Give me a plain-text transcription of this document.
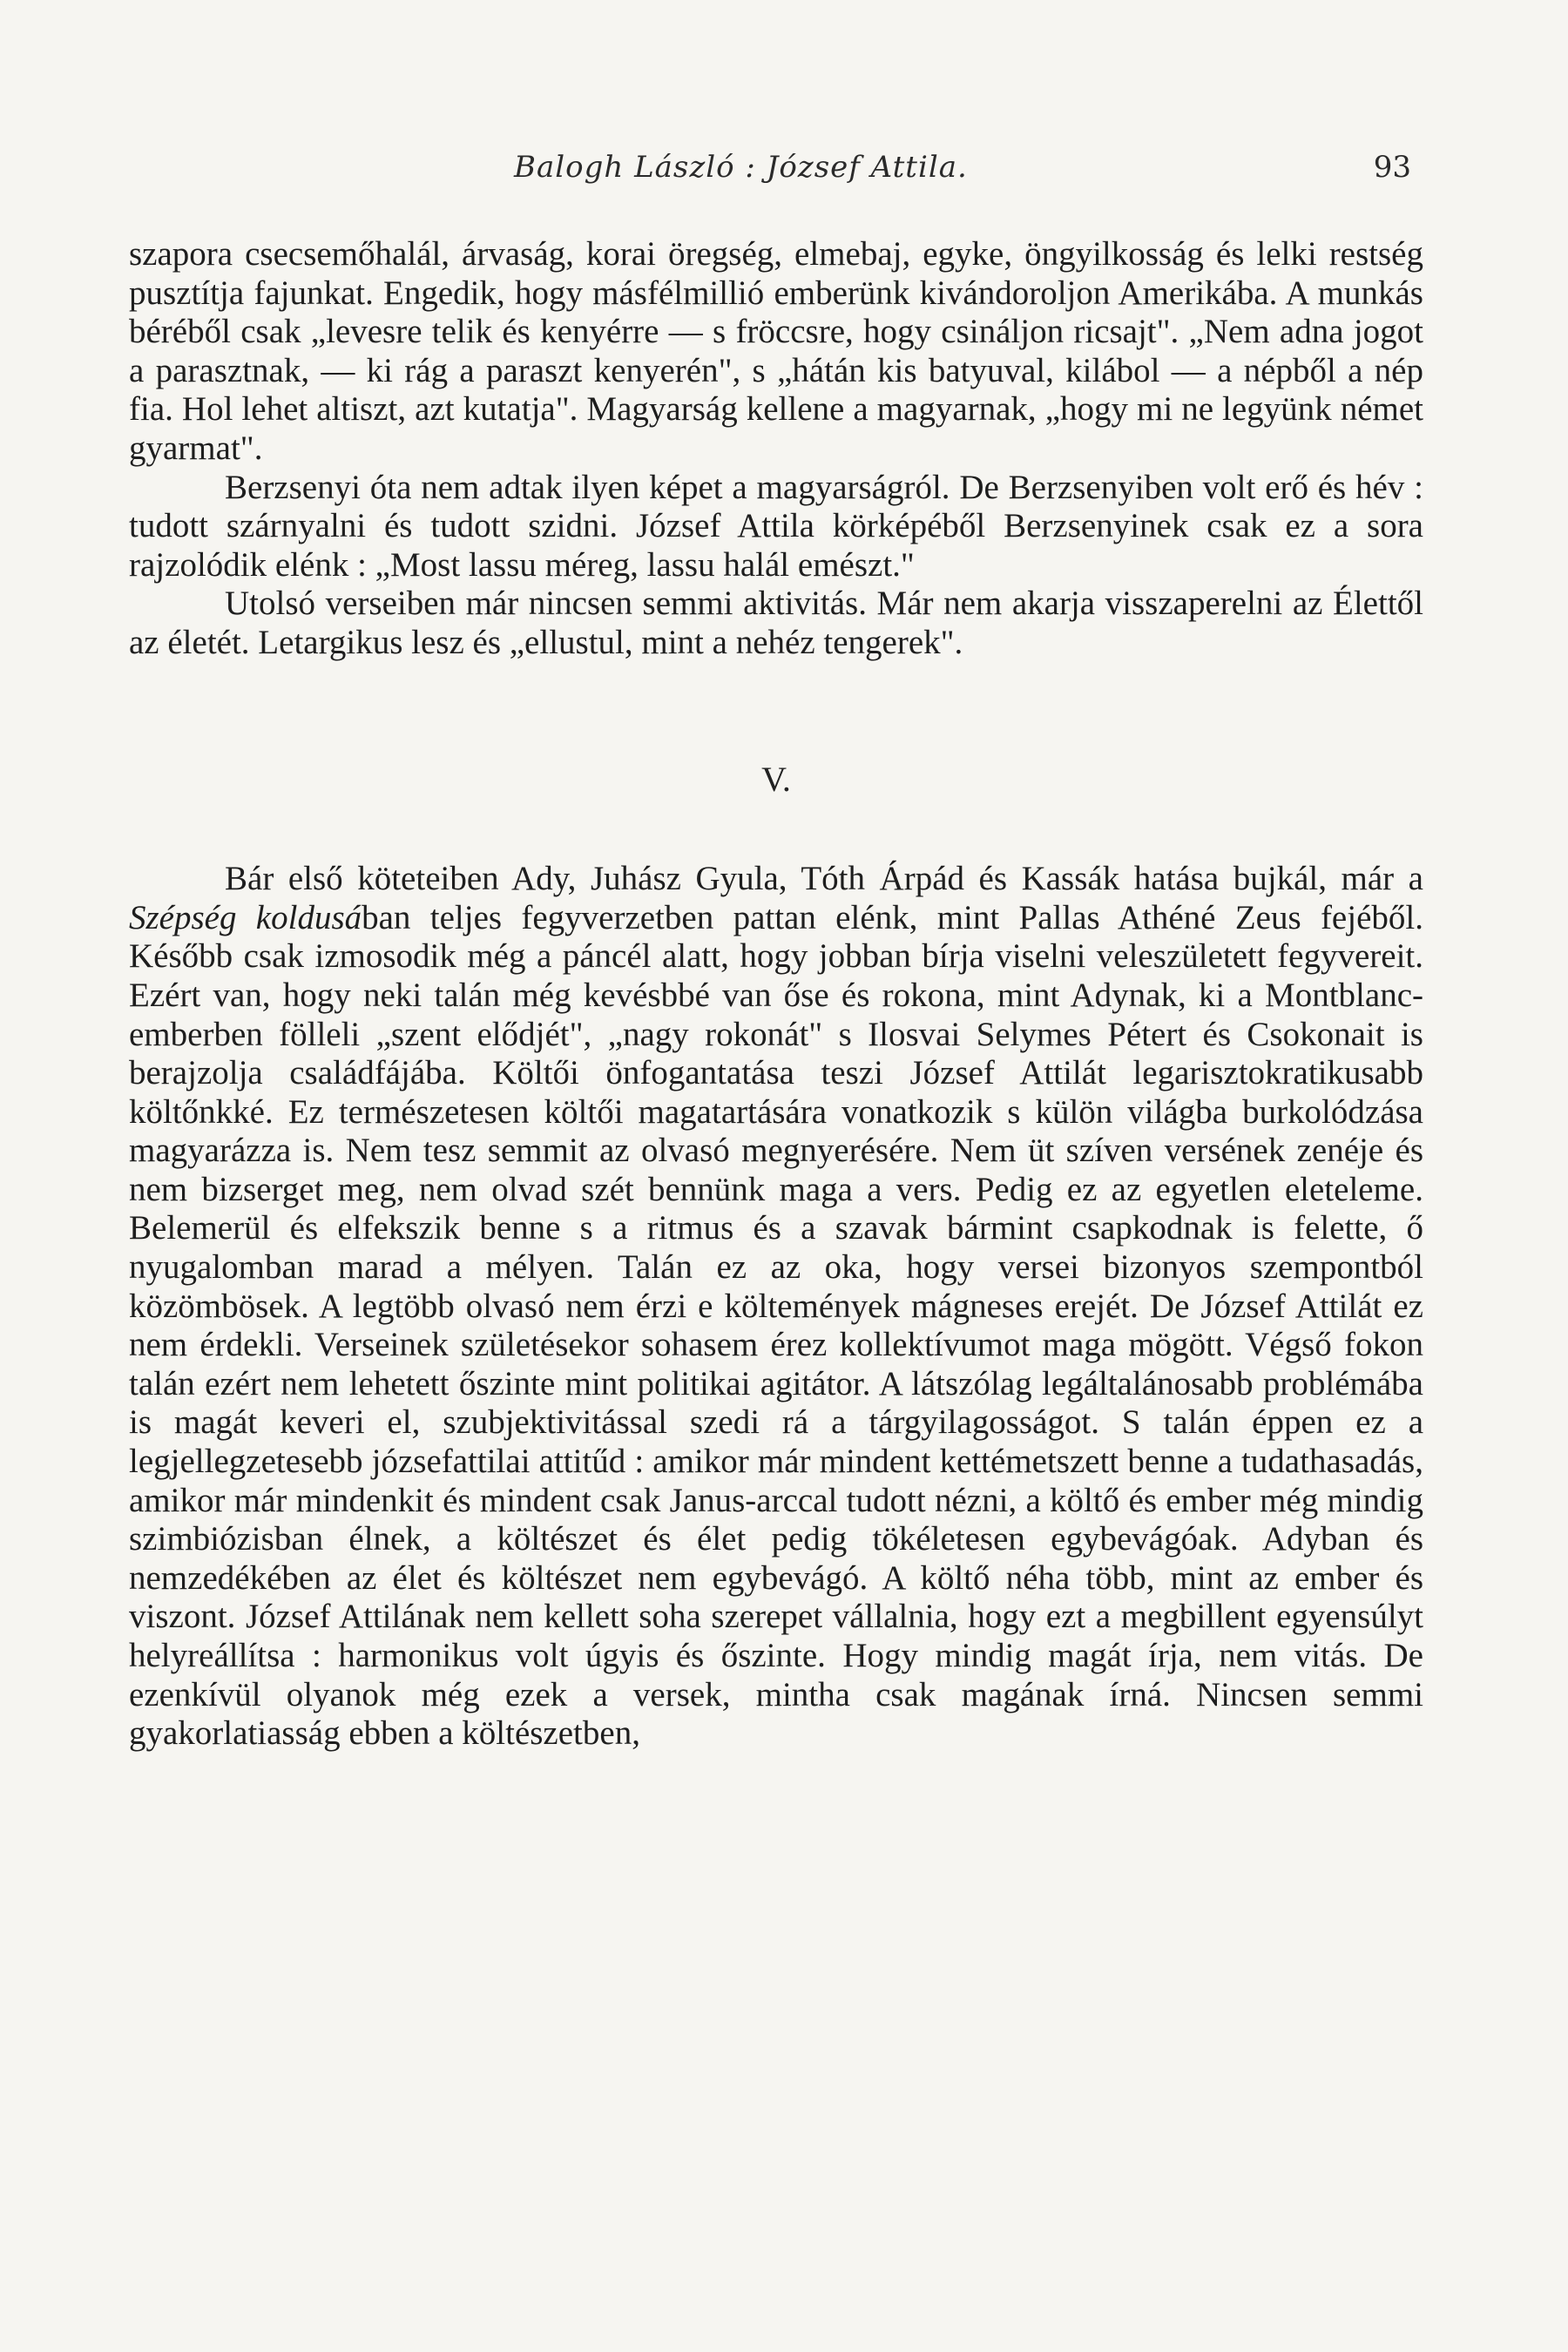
Balogh László : József Attila.	93

szapora csecsemőhalál, árvaság, korai öregség, elmebaj, egyke, öngyilkosság és lelki restség pusztítja fajunkat. Engedik, hogy másfélmillió emberünk kivándoroljon Amerikába. A munkás béréből csak „levesre telik és kenyérre — s fröccsre, hogy csináljon ricsajt". „Nem adna jogot a parasztnak, — ki rág a paraszt kenyerén", s „hátán kis batyuval, kilábol — a népből a nép fia. Hol lehet altiszt, azt kutatja". Magyarság kellene a magyarnak, „hogy mi ne legyünk német gyarmat".

Berzsenyi óta nem adtak ilyen képet a magyarságról. De Berzsenyiben volt erő és hév : tudott szárnyalni és tudott szidni. József Attila körképéből Berzsenyinek csak ez a sora rajzolódik elénk : „Most lassu méreg, lassu halál emészt."

Utolsó verseiben már nincsen semmi aktivitás. Már nem akarja visszaperelni az Élettől az életét. Letargikus lesz és „ellustul, mint a nehéz tengerek".

V.

Bár első köteteiben Ady, Juhász Gyula, Tóth Árpád és Kassák hatása bujkál, már a Szépség koldusában teljes fegyverzetben pattan elénk, mint Pallas Athéné Zeus fejéből. Később csak izmosodik még a páncél alatt, hogy jobban bírja viselni veleszületett fegyvereit. Ezért van, hogy neki talán még kevésbbé van őse és rokona, mint Adynak, ki a Montblanc-emberben fölleli „szent elődjét", „nagy rokonát" s Ilosvai Selymes Pétert és Csokonait is berajzolja családfájába. Költői önfogantatása teszi József Attilát legarisztokratikusabb költőnkké. Ez természetesen költői magatartására vonatkozik s külön világba burkolódzása magyarázza is. Nem tesz semmit az olvasó megnyerésére. Nem üt szíven versének zenéje és nem bizserget meg, nem olvad szét bennünk maga a vers. Pedig ez az egyetlen eleteleme. Belemerül és elfekszik benne s a ritmus és a szavak bármint csapkodnak is felette, ő nyugalomban marad a mélyen. Talán ez az oka, hogy versei bizonyos szempontból közömbösek. A legtöbb olvasó nem érzi e költemények mágneses erejét. De József Attilát ez nem érdekli. Verseinek születésekor sohasem érez kollektívumot maga mögött. Végső fokon talán ezért nem lehetett őszinte mint politikai agitátor. A látszólag legáltalánosabb problémába is magát keveri el, szubjektivitással szedi rá a tárgyilagosságot. S talán éppen ez a legjellegzetesebb józsefattilai attitűd : amikor már mindent kettémetszett benne a tudathasadás, amikor már mindenkit és mindent csak Janus-arccal tudott nézni, a költő és ember még mindig szimbiózisban élnek, a költészet és élet pedig tökéletesen egybevágóak. Adyban és nemzedékében az élet és költészet nem egybevágó. A költő néha több, mint az ember és viszont. József Attilának nem kellett soha szerepet vállalnia, hogy ezt a megbillent egyensúlyt helyreállítsa : harmonikus volt úgyis és őszinte. Hogy mindig magát írja, nem vitás. De ezenkívül olyanok még ezek a versek, mintha csak magának írná. Nincsen semmi gyakorlatiasság ebben a költészetben,
